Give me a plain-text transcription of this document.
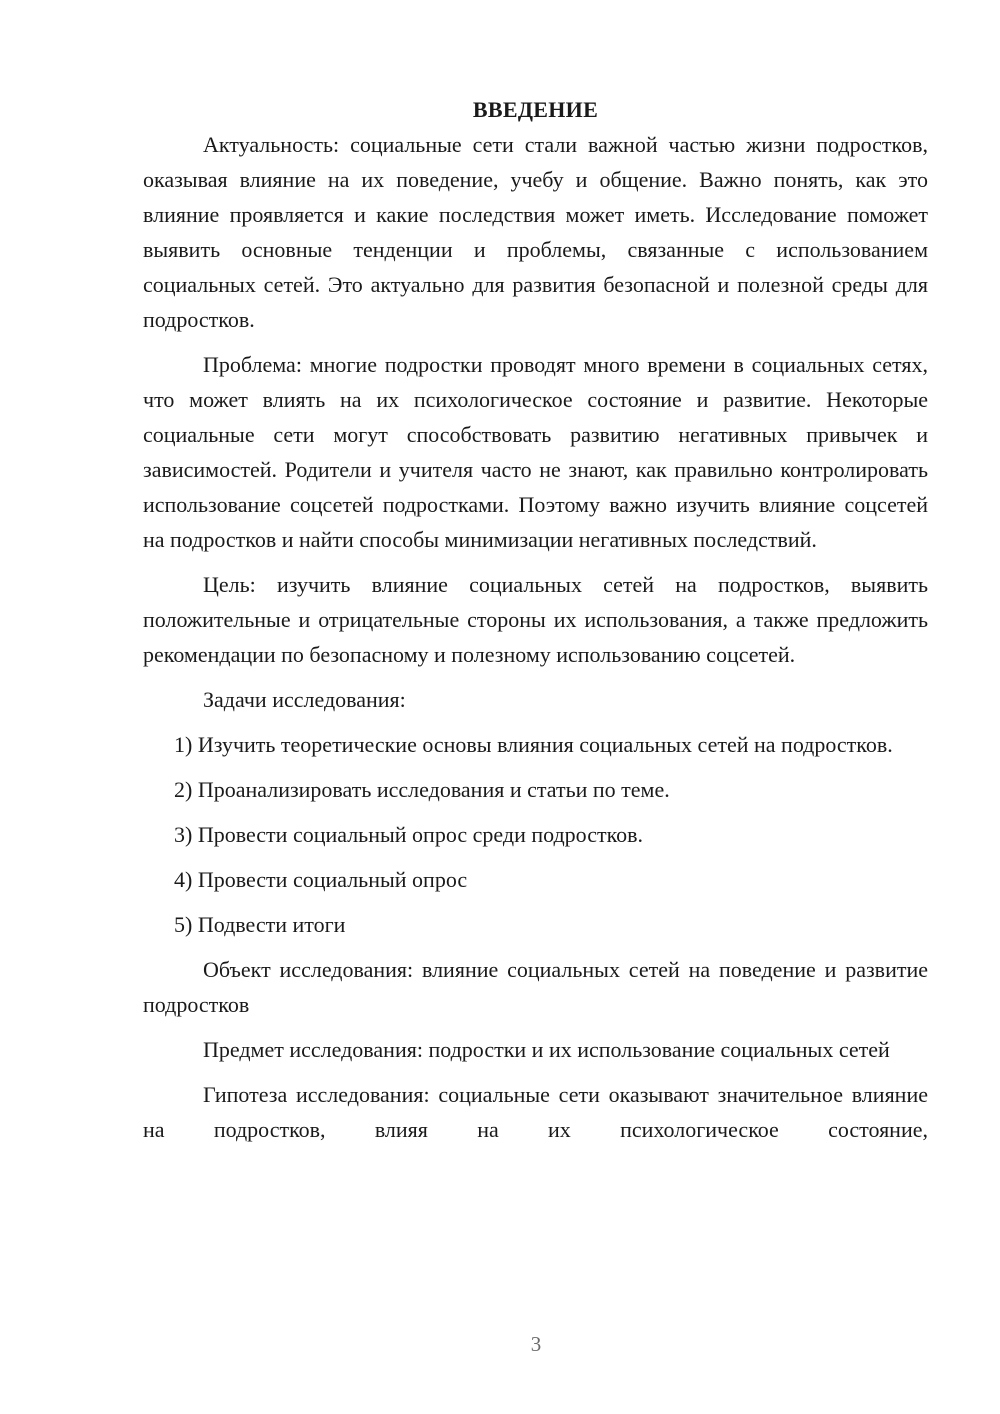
ВВЕДЕНИЕ

Актуальность: социальные сети стали важной частью жизни подростков, оказывая влияние на их поведение, учебу и общение. Важно понять, как это влияние проявляется и какие последствия может иметь. Исследование поможет выявить основные тенденции и проблемы, связанные с использованием социальных сетей. Это актуально для развития безопасной и полезной среды для подростков.

Проблема: многие подростки проводят много времени в социальных сетях, что может влиять на их психологическое состояние и развитие. Некоторые социальные сети могут способствовать развитию негативных привычек и зависимостей. Родители и учителя часто не знают, как правильно контролировать использование соцсетей подростками. Поэтому важно изучить влияние соцсетей на подростков и найти способы минимизации негативных последствий.

Цель: изучить влияние социальных сетей на подростков, выявить положительные и отрицательные стороны их использования, а также предложить рекомендации по безопасному и полезному использованию соцсетей.

Задачи исследования:

1) Изучить теоретические основы влияния социальных сетей на подростков.

2) Проанализировать исследования и статьи по теме.

3) Провести социальный опрос среди подростков.

4) Провести социальный опрос

5) Подвести итоги

Объект исследования: влияние социальных сетей на поведение и развитие подростков

Предмет исследования: подростки и их использование социальных сетей

Гипотеза исследования: социальные сети оказывают значительное влияние на подростков, влияя на их психологическое состояние,

3
